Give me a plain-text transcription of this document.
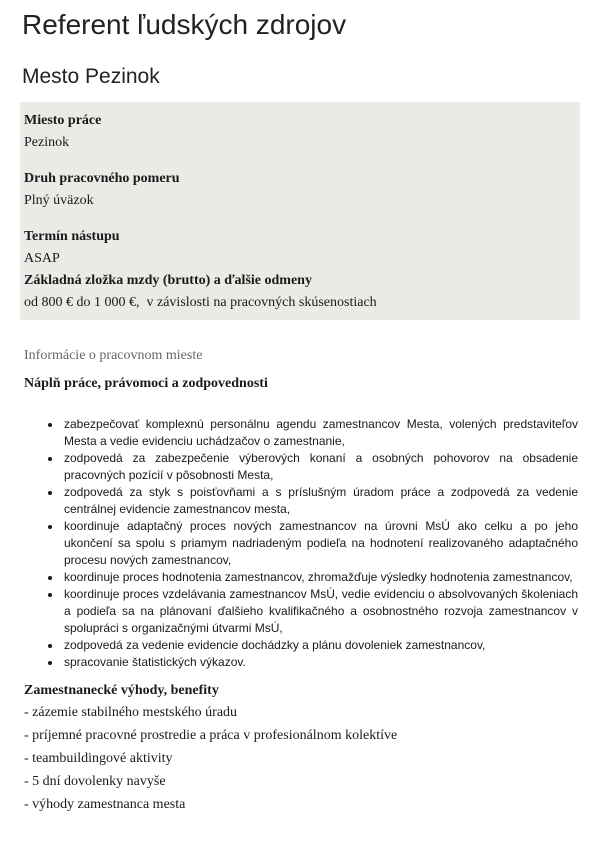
Referent ľudských zdrojov
Mesto Pezinok
Miesto práce
Pezinok
Druh pracovného pomeru
Plný úväzok
Termín nástupu
ASAP
Základná zložka mzdy (brutto) a ďalšie odmeny
od 800 € do 1 000 €,  v závislosti na pracovných skúsenostiach
Informácie o pracovnom mieste
Náplň práce, právomoci a zodpovednosti
• zabezpečovať komplexnú personálnu agendu zamestnancov Mesta, volených predstaviteľov Mesta a vedie evidenciu uchádzačov o zamestnanie,
• zodpovedá za zabezpečenie výberových konaní a osobných pohovorov na obsadenie pracovných pozícií v pôsobnosti Mesta,
• zodpovedá za styk s poisťovňami a s príslušným úradom práce a zodpovedá za vedenie centrálnej evidencie zamestnancov mesta,
• koordinuje adaptačný proces nových zamestnancov na úrovni MsÚ ako celku a po jeho ukončení sa spolu s priamym nadriadeným podieľa na hodnotení realizovaného adaptačného procesu nových zamestnancov,
• koordinuje proces hodnotenia zamestnancov, zhromažďuje výsledky hodnotenia zamestnancov,
• koordinuje proces vzdelávania zamestnancov MsÚ, vedie evidenciu o absolvovaných školeniach a podieľa sa na plánovaní ďalšieho kvalifikačného a osobnostného rozvoja zamestnancov v spolupráci s organizačnými útvarmi MsÚ,
• zodpovedá za vedenie evidencie dochádzky a plánu dovoleniek zamestnancov,
• spracovanie štatistických výkazov.
Zamestnanecké výhody, benefity
- zázemie stabilného mestského úradu
- príjemné pracovné prostredie a práca v profesionálnom kolektíve
- teambuildingové aktivity
- 5 dní dovolenky navyše
- výhody zamestnanca mesta
